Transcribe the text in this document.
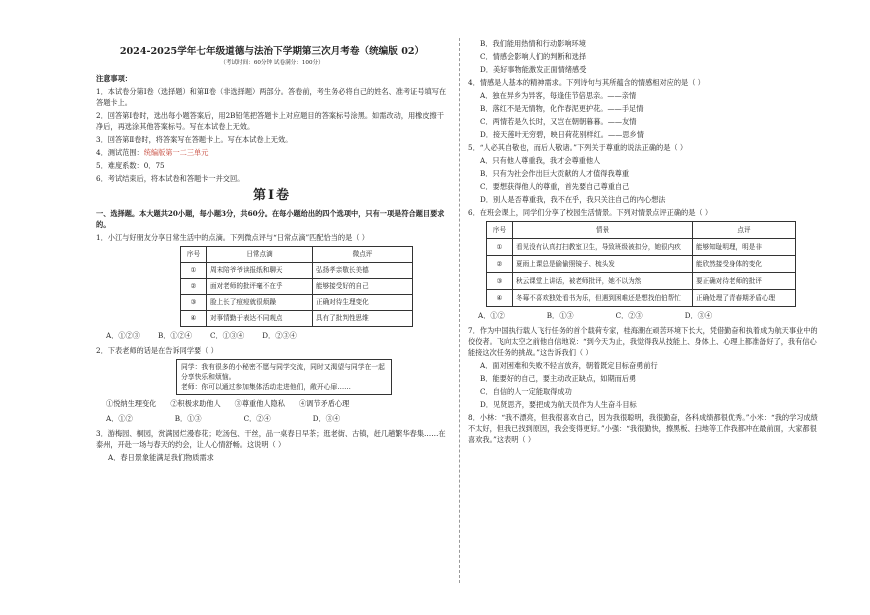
2024-2025学年七年级道德与法治下学期第三次月考卷（统编版 02）
（考试时间：60分钟 试卷满分：100分）
注意事项：
1．本试卷分第Ⅰ卷（选择题）和第Ⅱ卷（非选择题）两部分。答卷前，考生务必将自己的姓名、准考证号填写在答题卡上。
2．回答第Ⅰ卷时，选出每小题答案后，用2B铅笔把答题卡上对应题目的答案标号涂黑。如需改动，用橡皮擦干净后，再选涂其他答案标号。写在本试卷上无效。
3．回答第Ⅱ卷时，将答案写在答题卡上。写在本试卷上无效。
4．测试范围：统编版第一二三单元
5．难度系数：0．75
6．考试结束后，将本试卷和答题卡一并交回。
第Ⅰ卷
一、选择题。本大题共20小题，每小题3分，共60分。在每小题给出的四个选项中，只有一项是符合题目要求的。
1．小江与好朋友分享日常生活中的点滴。下列微点评与“日常点滴”匹配恰当的是（ ）
序号	日常点滴	微点评
①	周末陪爷爷读报纸和聊天	弘扬孝亲敬长美德
②	面对老师的批评毫不在乎	能够接受好的自己
③	脸上长了痘痘就很烦躁	正确对待生理变化
④	对事情勤于表达不同观点	具有了批判性思维
A．①②③	B．①②④	C．①③④	D．②③④
2．下表老师的话是在告诉同学要（ ）
同学：我有很多的小秘密不愿与同学交流，同时又渴望与同学在一起分享快乐和烦恼。
老师：你可以通过参加集体活动走进他们，敞开心扉……
①悦纳生理变化 ②积极求助他人 ③尊重他人隐私 ④调节矛盾心理
A．①②	B．①③	C．②④	D．③④
3．游梅园、桐园，赏满园烂漫春花；吃汤包、干丝，品一桌春日早茶；逛老街、古镇，赶几趟繁华春集……在泰州，开赴一场与春天的约会，让人心情舒畅。这说明（ ）
A．春日景象能满足我们物质需求
B．我们能用热情和行动影响环境
C．情感会影响人们的判断和选择
D．美好事物能激发正面情绪感受
4．情感是人基本的精神需求。下列诗句与其所蕴含的情感相对应的是（ ）
A．独在异乡为异客，每逢佳节倍思亲。——亲情
B．落红不是无情物，化作春泥更护花。——手足情
C．两情若是久长时，又岂在朝朝暮暮。——友情
D．接天莲叶无穷碧，映日荷花别样红。——思乡情
5．“人必其自敬也，而后人敬诸。”下列关于尊重的说法正确的是（ ）
A．只有他人尊重我，我才会尊重他人
B．只有为社会作出巨大贡献的人才值得我尊重
C．要想获得他人的尊重，首先要自己尊重自己
D．别人是否尊重我，我不在乎，我只关注自己的内心想法
6．在班会课上，同学们分享了校园生活情景。下列对情景点评正确的是（ ）
序号	情景	点评
①	看见没有认真打扫教室卫生，导致班级被扣分，她很内疚	能够知耻明理，明是非
②	夏雨上课总是偷偷照镜子、梳头发	能欣然接受身体的变化
③	秋云课堂上讲话，被老师批评，她不以为然	要正确对待老师的批评
④	冬莓不喜欢独处看书为乐，但遇到困难还是想找伯伯帮忙	正确处理了青春期矛盾心理
A．①②	B．①③	C．②③	D．③④
7．作为中国执行载人飞行任务的首个载荷专家，桂海潮在顽苦环境下长大，凭借勤奋和执着成为航天事业中的佼佼者。飞向太空之前他自信地说：“到今天为止，我觉得我从技能上、身体上、心理上都准备好了，我有信心能接这次任务的挑战。”这告诉我们（ ）
A．面对困难和失败不轻言放弃，朝着既定目标奋勇前行
B．能要好的自己，要主动改正缺点，如期而后勇
C．自信的人一定能取得成功
D．见贤思齐，要把成为航天员作为人生奋斗目标
8．小林：“我不漂亮，但我很喜欢自己，因为我很聪明，我很勤奋，各科成绩都很优秀。”小米：“我的学习成绩不太好，但我已找到原因，我会变得更好。”小强：“我很勤快，擦黑板、扫地等工作我都冲在最前面，大家都很喜欢我。”这表明（ ）
